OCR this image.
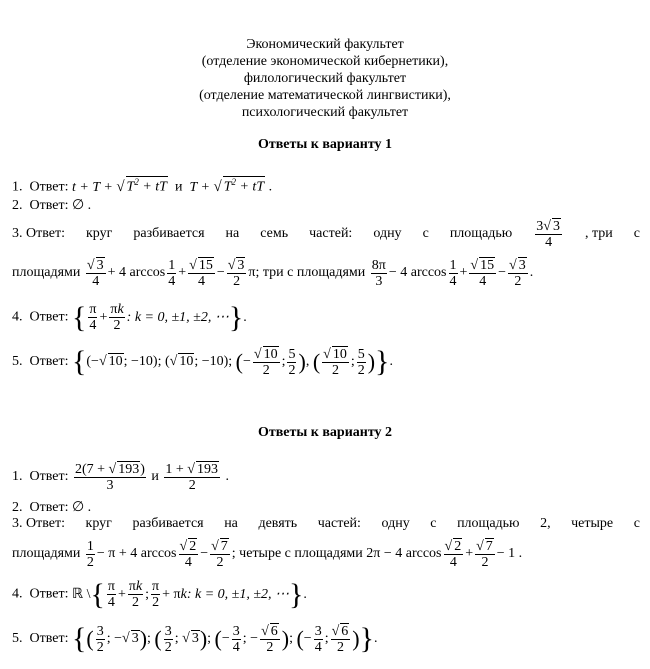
Экономический факультет
(отделение экономической кибернетики),
филологический факультет
(отделение математической лингвистики),
психологический факультет
Ответы к варианту 1
1. Ответ: t + T + √ $T^2$ + tT и T + √ $T^2$ + tT .
2. Ответ: ∅ .
3. Ответ: круг разбивается на семь частей: одну с площадью $\frac{3√ 3}{4}$ , три с
площадями $\frac{√ 3}{4} + 4$ $\arccos \frac{1}{4} + \frac{√ 15}{4} - \frac{√ 3}{2} \pi$; три с площадями $\frac{8\pi}{3} - 4$ $\arccos \frac{1}{4} + \frac{√ 15}{4} - \frac{√ 3}{2}$ .
4. Ответ: { $\frac{\pi}{4} + \frac{\pi k}{2}$ : k = 0, ±1, ±2, ⋯}.
5. Ответ: {(−√ 10; −10); (√ 10; −10); (− $\frac{√ 10}{2}$ ; $\frac{5}{2}$ ), ( $\frac{√ 10}{2}$ ; $\frac{5}{2}$ )}.
Ответы к варианту 2
1. Ответ: $\frac{2(7 + √ 193)}{3}$ и $\frac{1 + √ 193}{2}$ .
2. Ответ: ∅ .
3. Ответ: круг разбивается на девять частей: одну с площадью 2, четыре с
площадями $\frac{1}{2} - \pi + 4$ $\arccos \frac{√ 2}{4} - \frac{√ 7}{2}$ ; четыре с площадями 2π − 4 $\arccos \frac{√ 2}{4} + \frac{√ 7}{2} - 1$ .
4. Ответ: ℝ \{ $\frac{\pi}{4} + \frac{\pi k}{2}$ ; $\frac{\pi}{2} + \pi k$: k = 0, ±1, ±2, ⋯}.
5. Ответ: {( $\frac{3}{2}$ ; −√ 3); ( $\frac{3}{2}$ ; √ 3); (− $\frac{3}{4}$ ; − $\frac{√ 6}{2}$ ); (− $\frac{3}{4}$ ; $\frac{√ 6}{2}$ )}.
